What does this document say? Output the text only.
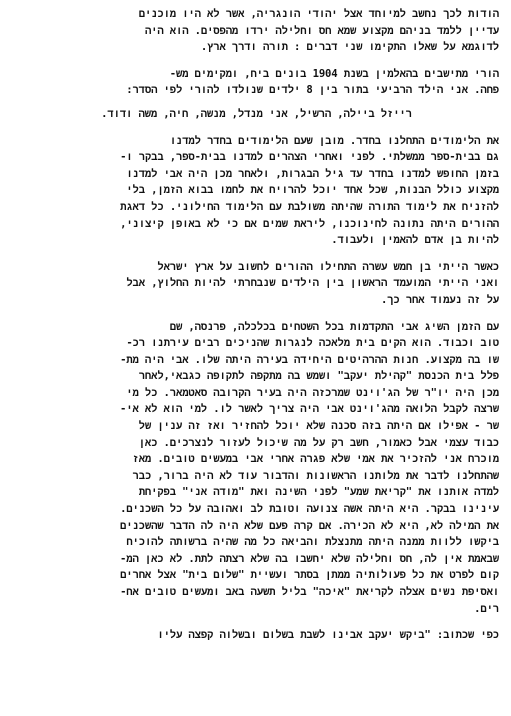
הודות לכך נחשב למיוחד אצל יהודי הונגריה, אשר לא היו מוכנים
עדיין ללמד בניהם מקצוע שמא חס וחלילה ירדו מהפסים. הוא היה
לדוגמא על שאלו התקימו שני דברים : תורה ודרך ארץ.
הורי מתישבים בהאלמין בשנת 1904 בונים ביח, ומקימים מש-
פחה. אני הילד הרביעי בתור בין 8 ילדים שנולדו להורי לפי הסדר:
רייזל ביילה, הרשיל, אני מנדל, מנשה, חיה, משה ודוד.
את הלימודים התחלנו בחדר. מובן שעם הלימודים בחדר למדנו
גם בבית-ספר ממשלתי. לפני ואחרי הצהרים למדנו בבית-ספר, בבקר ו-
בזמן החופש למדנו בחדר עד גיל הבגרות, ולאחר מכן היה אבי למדנו
מקצוע כולל הבנות, שכל אחד יוכל להרויח את לחמו בבוא הזמן, בלי
להזניח את לימוד התורה שהיתה משולבת עם הלימוד החילוני. כל דאגת
ההורים היתה נתונה לחינוכנו, ליראת שמים אם כי לא באופן קיצוני,
להיות בן אדם להאמין ולעבוד.
כאשר הייתי בן חמש עשרה התחילו ההורים לחשוב על ארץ ישראל
ואני הייתי המועמד הראשון בין הילדים שנבחרתי להיות החלוץ, אבל
על זה נעמוד אחר כך.
עם הזמן השיג אבי התקדמות בכל השטחים בכלכלה, פרנסה, שם
טוב וכבוד. הוא הקים בית מלאכה לנגרות שהניכים רבים עירתנו רכ-
שו בה מקצוע. חנות ההרהיטים היחידה בעירה היתה שלו. אבי היה מת-
פלל בית הכנסת "קהילת יעקב" ושמש בה מתקפה לתקופה כגבאי,לאחר
מכן היה יו"ר של הג'וינט שמרכזה היה בעיר הקרובה סאטמאר. כל מי
שרצה לקבל הלואה מהג'וינט אבי היה צריך לאשר לו. למי הוא לא אי-
שר - אפילו אם היתה בזה סכנה שלא יוכל להחזיר ואז זה ענין של
כבוד עצמי אבל כאמור, חשב רק על מה שיכול לעזור לנצרכים. כאן
מוכרח אני להזכיר את אמי שלא פגרה אחרי אבי במעשים טובים. מאז
שהתחלנו לדבר את מלותנו הראשונות והדבור עוד לא היה ברור, כבר
למדה אותנו את "קריאת שמע" לפני השינה ואת "מודה אני" בפקיחת
עינינו בבקר. היא היתה אשה צנועה וטובת לב ואהובה על כל השכנים.
את המילה לא, היא לא הכירה. אם קרה פעם שלא היה לה הדבר שהשכנים
ביקשו ללוות ממנה היתה מתנצלת והביאה כל מה שהיה ברשותה להוכיח
שבאמת אין לה, חס וחלילה שלא יחשבו בה שלא רצתה לתת. לא כאן המ-
קום לפרט את כל פעולותיה ממתן בסתר ועשיית "שלום בית" אצל אחרים
ואסיפת נשים אצלה לקריאת "איכה" בליל תשעה באב ומעשים טובים אח-
רים.
כפי שכתוב: "ביקש יעקב אבינו לשבת בשלום ובשלוה קפצה עליו
